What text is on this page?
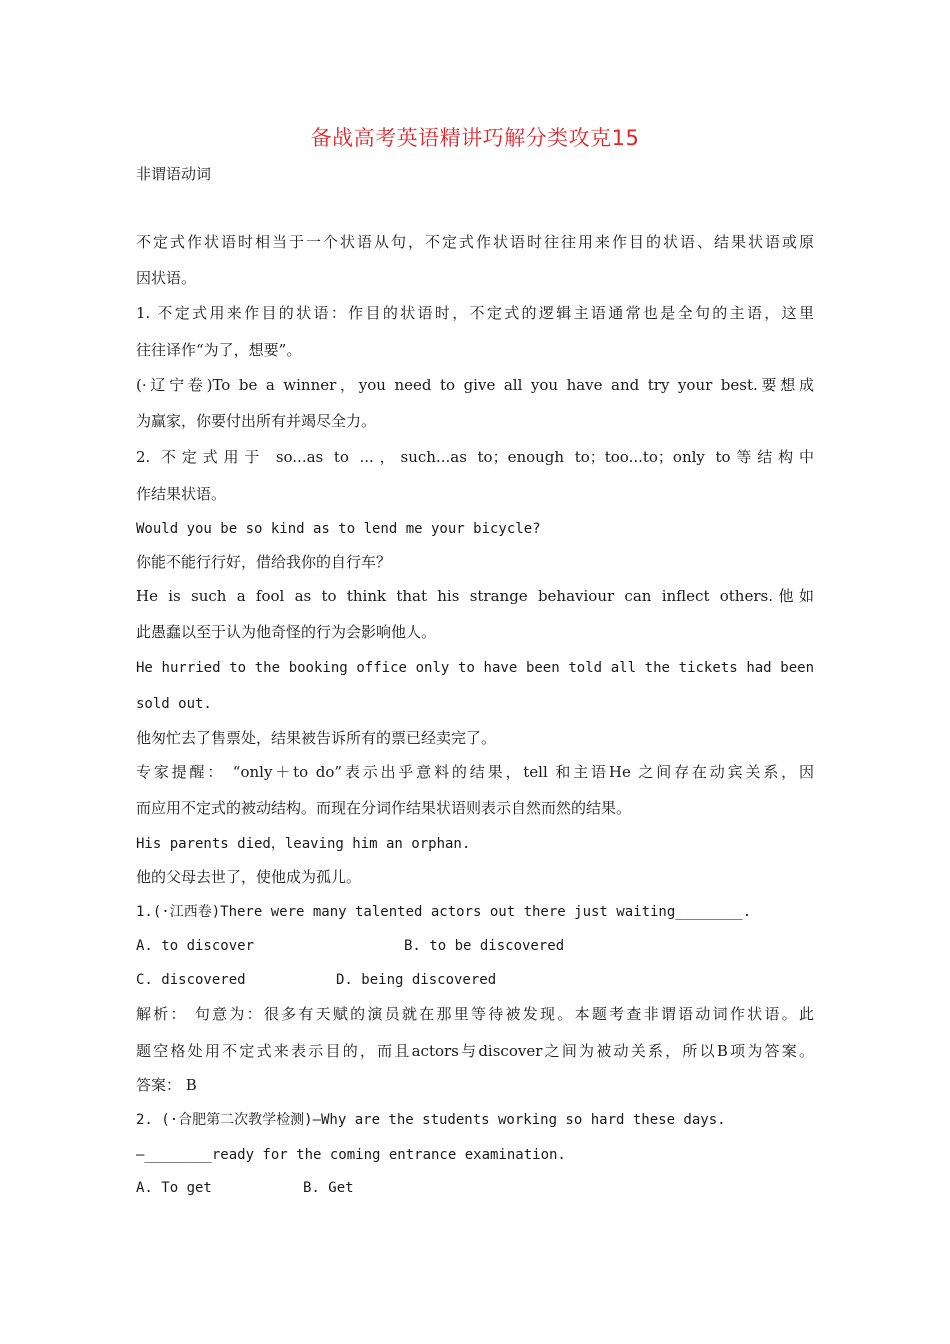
备战高考英语精讲巧解分类攻克15
非谓语动词
不定式作状语时相当于一个状语从句，不定式作状语时往往用来作目的状语、结果状语或原
因状语。
1. 不定式用来作目的状语：作目的状语时，不定式的逻辑主语通常也是全句的主语，这里
往往译作“为了，想要”。
(·辽宁卷)To be a winner，you need to give all you have and try your best.要想成
为赢家，你要付出所有并竭尽全力。
2. 不定式用于 so...as to ...，such...as to；enough to；too...to；only to等结构中
作结果状语。
Would you be so kind as to lend me your bicycle?
你能不能行行好，借给我你的自行车？
He is such a fool as to think that his strange behaviour can inflect others.他如
此愚蠢以至于认为他奇怪的行为会影响他人。
He hurried to the booking office only to have been told all the tickets had been
sold out.
他匆忙去了售票处，结果被告诉所有的票已经卖完了。
专家提醒： “only＋to do”表示出乎意料的结果，tell 和主语He 之间存在动宾关系，因
而应用不定式的被动结构。而现在分词作结果状语则表示自然而然的结果。
His parents died，leaving him an orphan.
他的父母去世了，使他成为孤儿。
1.(·江西卷)There were many talented actors out there just waiting________.
A. to discover	B. to be discovered
C. discovered	D. being discovered
解析： 句意为：很多有天赋的演员就在那里等待被发现。本题考查非谓语动词作状语。此
题空格处用不定式来表示目的，而且actors与discover之间为被动关系，所以B项为答案。
答案： B
2. (·合肥第二次教学检测)—Why are the students working so hard these days.
—________ready for the coming entrance examination.
A. To get	B. Get
